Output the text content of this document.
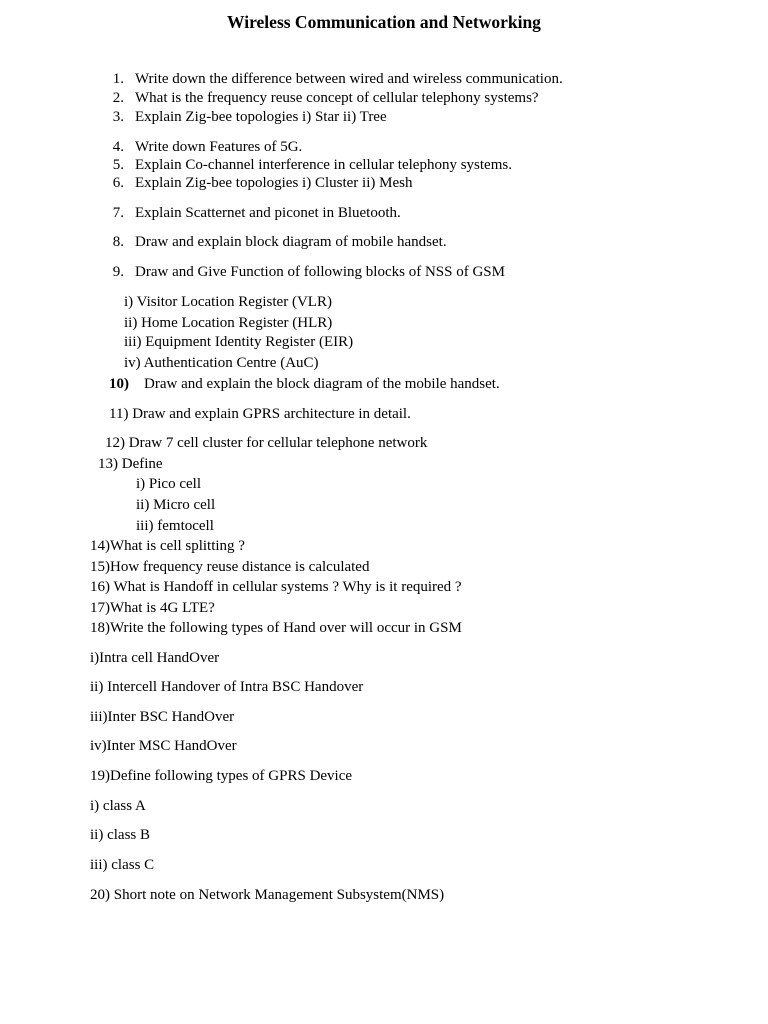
Wireless Communication and Networking
1. Write down the difference between wired and wireless communication.
2. What is the frequency reuse concept of cellular telephony systems?
3. Explain Zig-bee topologies i) Star ii) Tree
4. Write down Features of 5G.
5. Explain Co-channel interference in cellular telephony systems.
6. Explain Zig-bee topologies i) Cluster ii) Mesh
7. Explain Scatternet and piconet in Bluetooth.
8. Draw and explain block diagram of mobile handset.
9. Draw and Give Function of following blocks of NSS of GSM
i) Visitor Location Register (VLR)
ii) Home Location Register (HLR)
iii) Equipment Identity Register (EIR)
iv) Authentication Centre (AuC)
10) Draw and explain the block diagram of the mobile handset.
11) Draw and explain GPRS architecture in detail.
12) Draw 7 cell cluster for cellular telephone network
13) Define
i) Pico cell
ii) Micro cell
iii) femtocell
14)What is cell splitting ?
15)How frequency reuse distance is calculated
16) What is Handoff in cellular systems ? Why is it required ?
17)What is 4G LTE?
18)Write the following types of Hand over will occur in GSM
i)Intra cell HandOver
ii) Intercell Handover of Intra BSC Handover
iii)Inter BSC HandOver
iv)Inter MSC HandOver
19)Define following types of GPRS Device
i) class A
ii) class B
iii) class C
20) Short note on Network Management Subsystem(NMS)
